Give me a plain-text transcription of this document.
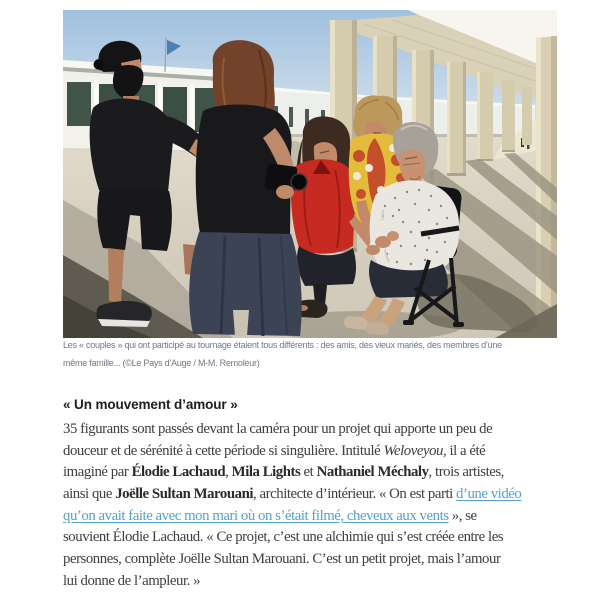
Les « couples » qui ont participé au tournage étaient tous différents : des amis, des vieux mariés, des membres d’une
même famille... (©Le Pays d’Auge / M-M. Remoleur)
« Un mouvement d’amour »
35 figurants sont passés devant la caméra pour un projet qui apporte un peu de
douceur et de sérénité à cette période si singulière. Intitulé Weloveyou, il a été
imaginé par Élodie Lachaud, Mila Lights et Nathaniel Méchaly, trois artistes,
ainsi que Joëlle Sultan Marouani, architecte d’intérieur. « On est parti d’une vidéo
qu’on avait faite avec mon mari où on s’était filmé, cheveux aux vents », se
souvient Élodie Lachaud. « Ce projet, c’est une alchimie qui s’est créée entre les
personnes, complète Joëlle Sultan Marouani. C’est un petit projet, mais l’amour
lui donne de l’ampleur. »
